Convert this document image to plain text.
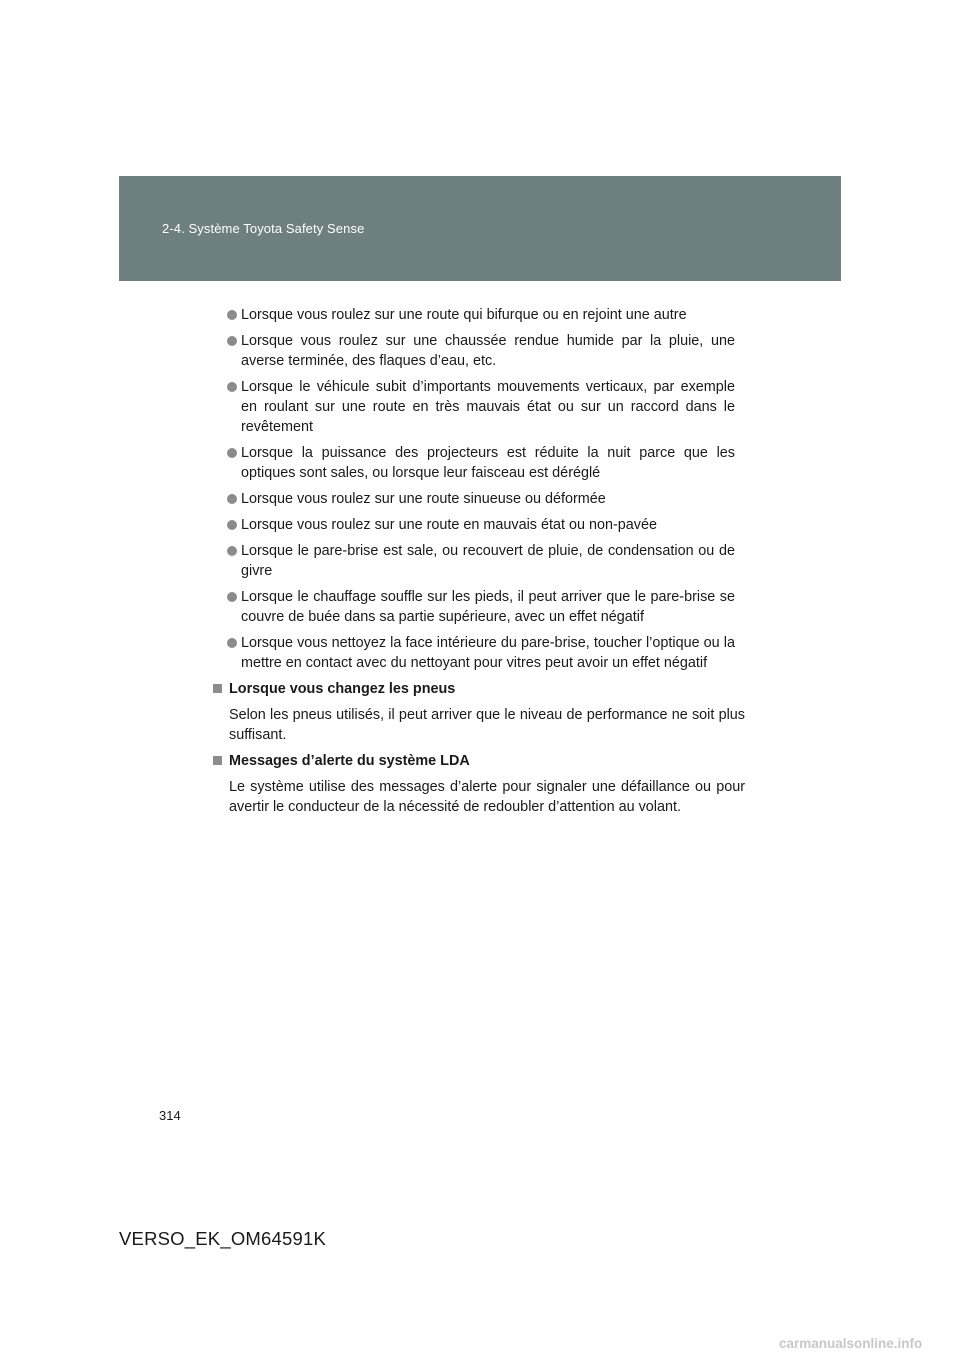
2-4. Système Toyota Safety Sense
Lorsque vous roulez sur une route qui bifurque ou en rejoint une autre
Lorsque vous roulez sur une chaussée rendue humide par la pluie, une averse terminée, des flaques d’eau, etc.
Lorsque le véhicule subit d’importants mouvements verticaux, par exemple en roulant sur une route en très mauvais état ou sur un raccord dans le revêtement
Lorsque la puissance des projecteurs est réduite la nuit parce que les optiques sont sales, ou lorsque leur faisceau est déréglé
Lorsque vous roulez sur une route sinueuse ou déformée
Lorsque vous roulez sur une route en mauvais état ou non-pavée
Lorsque le pare-brise est sale, ou recouvert de pluie, de condensation ou de givre
Lorsque le chauffage souffle sur les pieds, il peut arriver que le pare-brise se couvre de buée dans sa partie supérieure, avec un effet négatif
Lorsque vous nettoyez la face intérieure du pare-brise, toucher l’optique ou la mettre en contact avec du nettoyant pour vitres peut avoir un effet négatif
Lorsque vous changez les pneus
Selon les pneus utilisés, il peut arriver que le niveau de performance ne soit plus suffisant.
Messages d’alerte du système LDA
Le système utilise des messages d’alerte pour signaler une défaillance ou pour avertir le conducteur de la nécessité de redoubler d’attention au volant.
314
VERSO_EK_OM64591K
carmanualsonline.info
